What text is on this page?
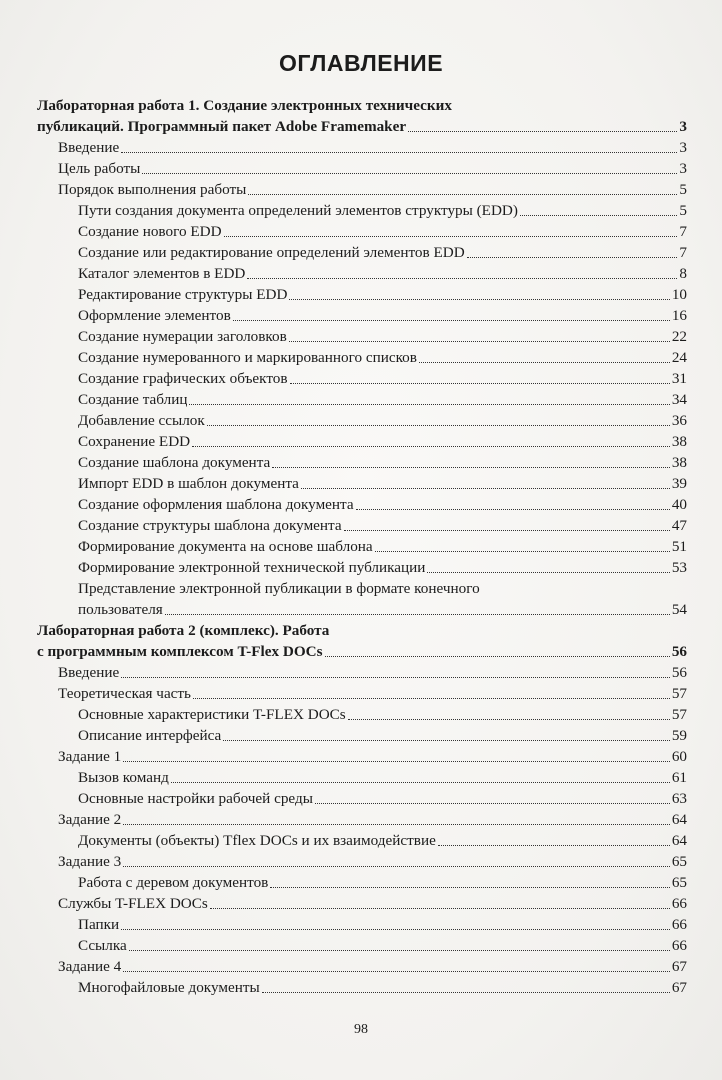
ОГЛАВЛЕНИЕ
Лабораторная работа 1. Создание электронных технических
публикаций. Программный пакет Adobe Framemaker	3
Введение	3
Цель работы	3
Порядок выполнения работы	5
Пути создания документа определений элементов структуры (EDD)	5
Создание нового EDD	7
Создание или редактирование определений элементов EDD	7
Каталог элементов в EDD	8
Редактирование структуры EDD	10
Оформление элементов	16
Создание нумерации заголовков	22
Создание нумерованного и маркированного списков	24
Создание графических объектов	31
Создание таблиц	34
Добавление ссылок	36
Сохранение EDD	38
Создание шаблона документа	38
Импорт EDD в шаблон документа	39
Создание оформления шаблона документа	40
Создание структуры шаблона документа	47
Формирование документа на основе шаблона	51
Формирование электронной технической публикации	53
Представление электронной публикации в формате конечного
пользователя	54
Лабораторная работа 2 (комплекс). Работа
с программным комплексом T-Flex DOCs	56
Введение	56
Теоретическая часть	57
Основные характеристики T-FLEX DOCs	57
Описание интерфейса	59
Задание 1	60
Вызов команд	61
Основные настройки рабочей среды	63
Задание 2	64
Документы (объекты) Tflex DOCs и их взаимодействие	64
Задание 3	65
Работа с деревом документов	65
Службы T-FLEX DOCs	66
Папки	66
Ссылка	66
Задание 4	67
Многофайловые документы	67
98
